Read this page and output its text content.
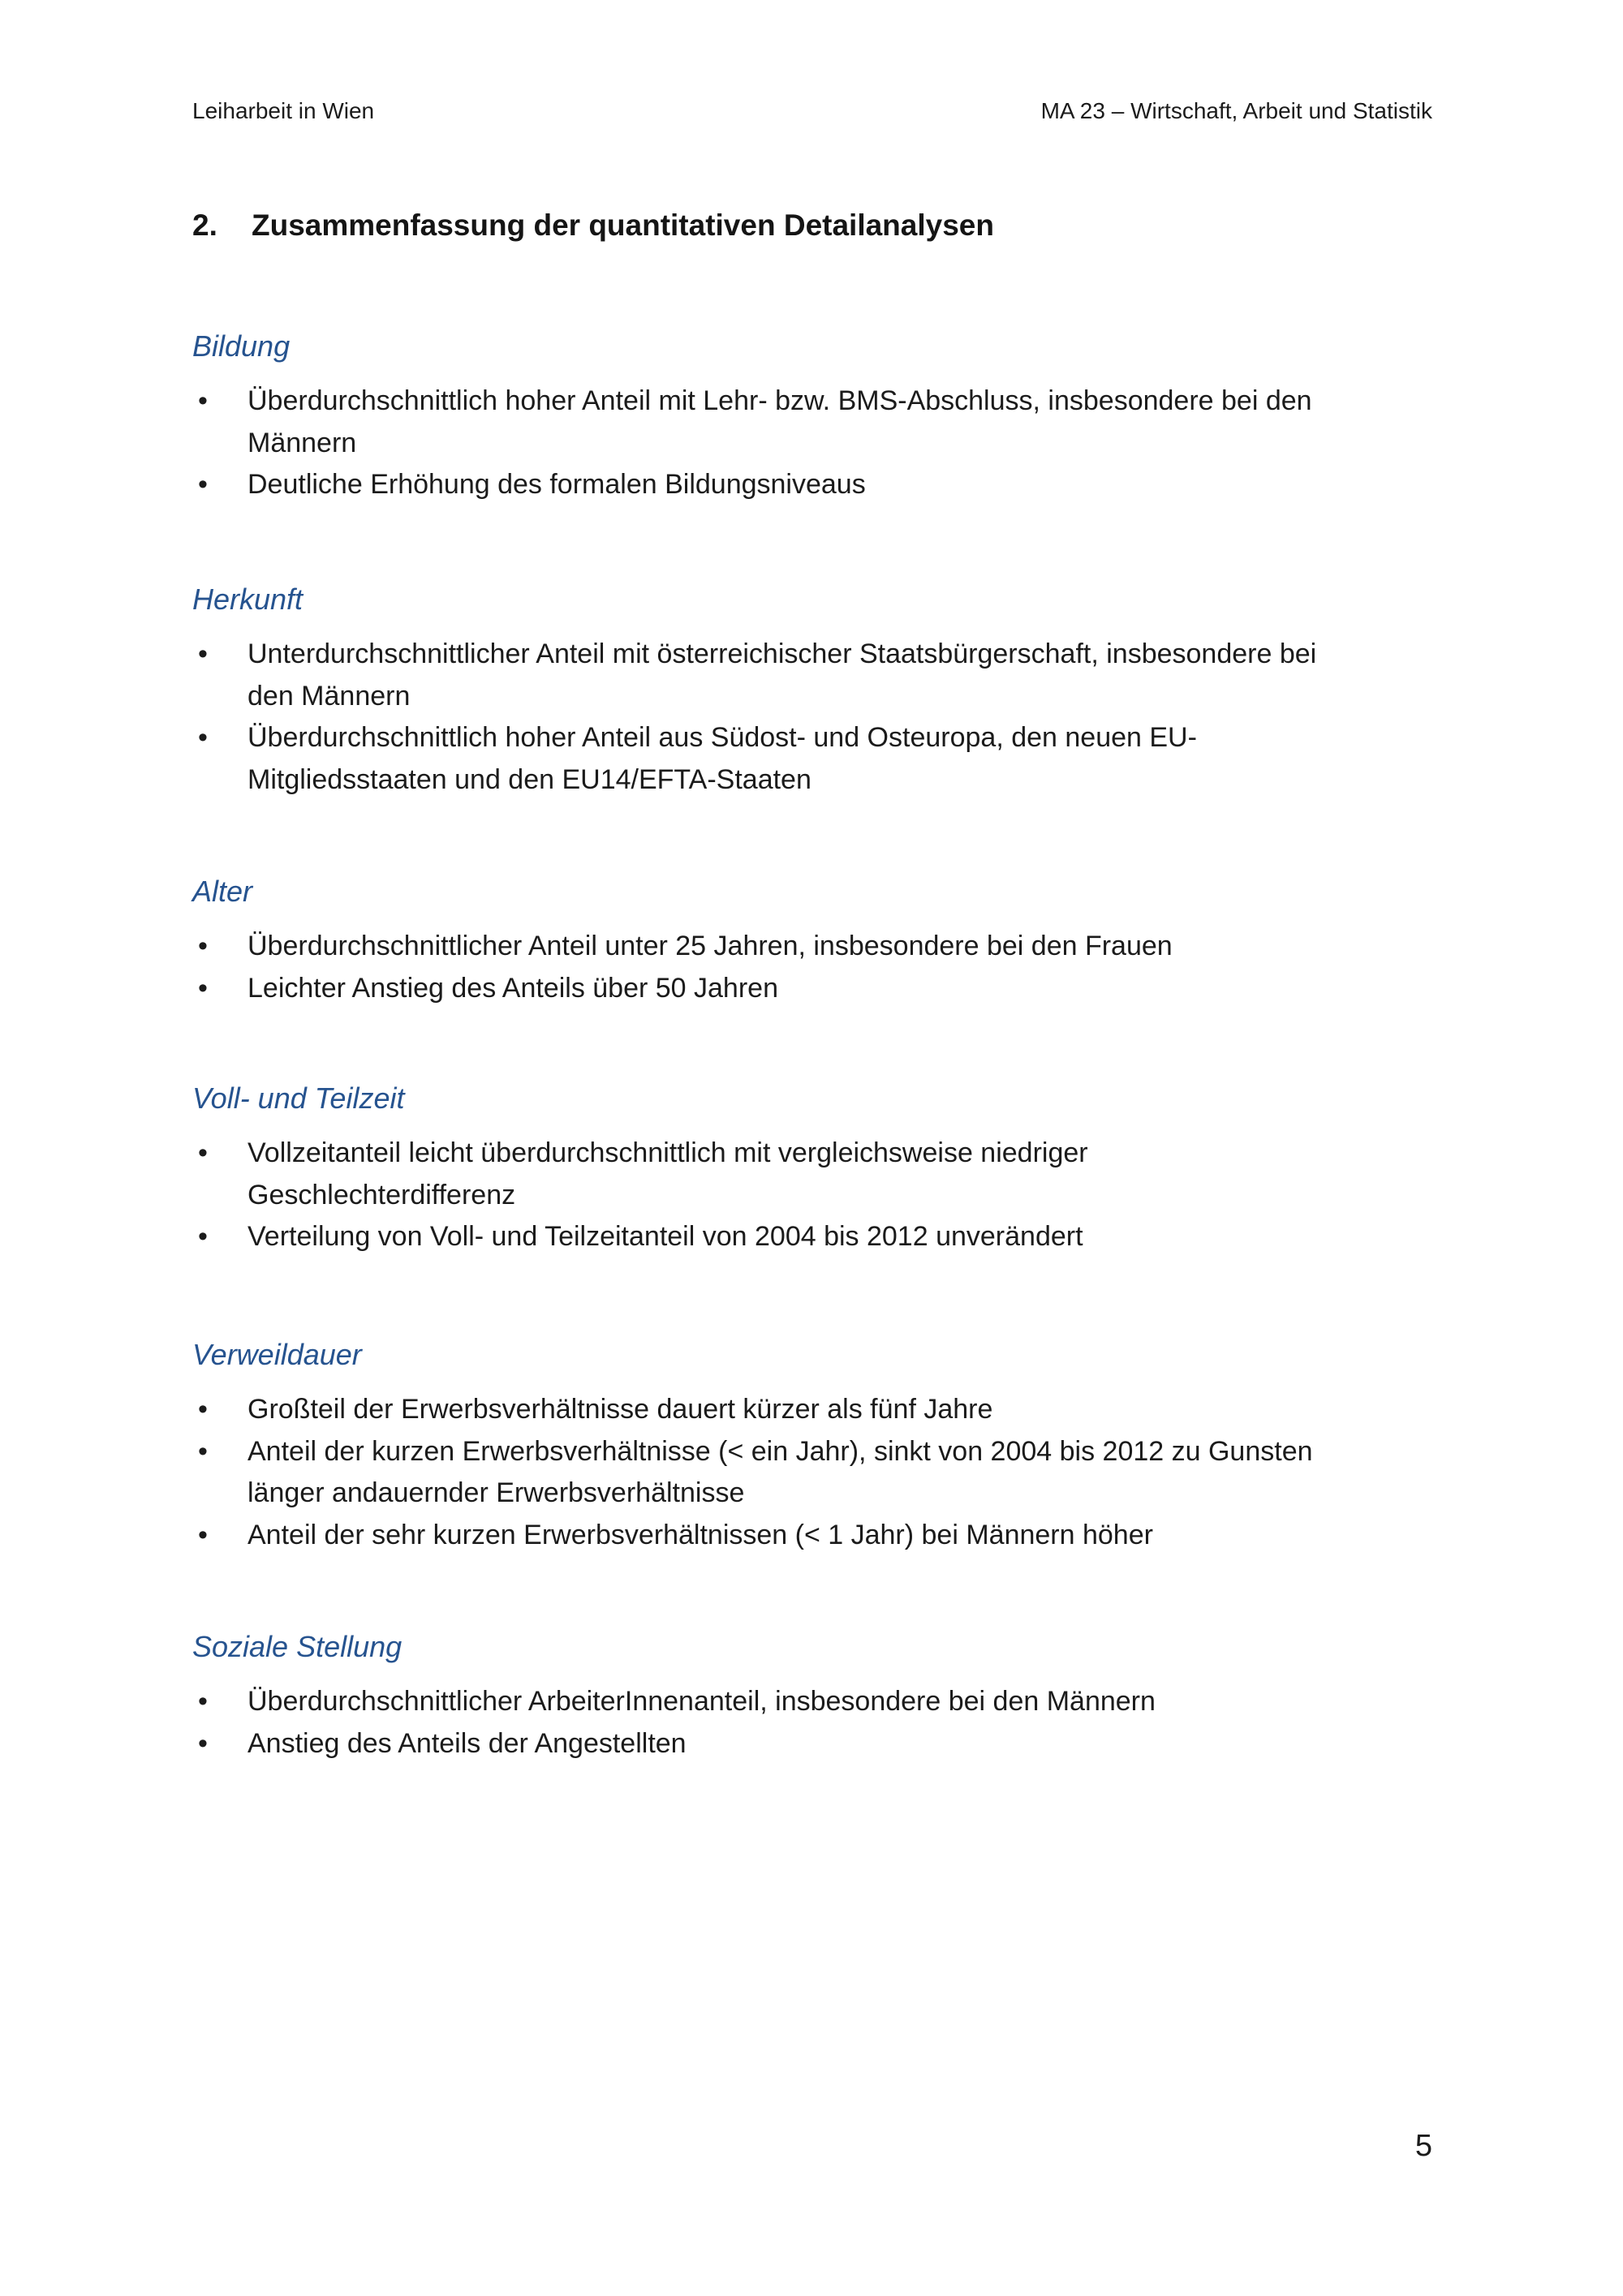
Leiharbeit in Wien	MA 23 – Wirtschaft, Arbeit und Statistik
2.	Zusammenfassung der quantitativen Detailanalysen
Bildung
•	Überdurchschnittlich hoher Anteil mit Lehr- bzw. BMS-Abschluss, insbesondere bei den
Männern
•	Deutliche Erhöhung des formalen Bildungsniveaus
Herkunft
•	Unterdurchschnittlicher Anteil mit österreichischer Staatsbürgerschaft, insbesondere bei
den Männern
•	Überdurchschnittlich hoher Anteil aus Südost- und Osteuropa, den neuen EU-
Mitgliedsstaaten und den EU14/EFTA-Staaten
Alter
•	Überdurchschnittlicher Anteil unter 25 Jahren, insbesondere bei den Frauen
•	Leichter Anstieg des Anteils über 50 Jahren
Voll- und Teilzeit
•	Vollzeitanteil leicht überdurchschnittlich mit vergleichsweise niedriger
Geschlechterdifferenz
•	Verteilung von Voll- und Teilzeitanteil von 2004 bis 2012 unverändert
Verweildauer
•	Großteil der Erwerbsverhältnisse dauert kürzer als fünf Jahre
•	Anteil der kurzen Erwerbsverhältnisse (< ein Jahr), sinkt von 2004 bis 2012 zu Gunsten
länger andauernder Erwerbsverhältnisse
•	Anteil der sehr kurzen Erwerbsverhältnissen (< 1 Jahr) bei Männern höher
Soziale Stellung
•	Überdurchschnittlicher ArbeiterInnenanteil, insbesondere bei den Männern
•	Anstieg des Anteils der Angestellten
5
